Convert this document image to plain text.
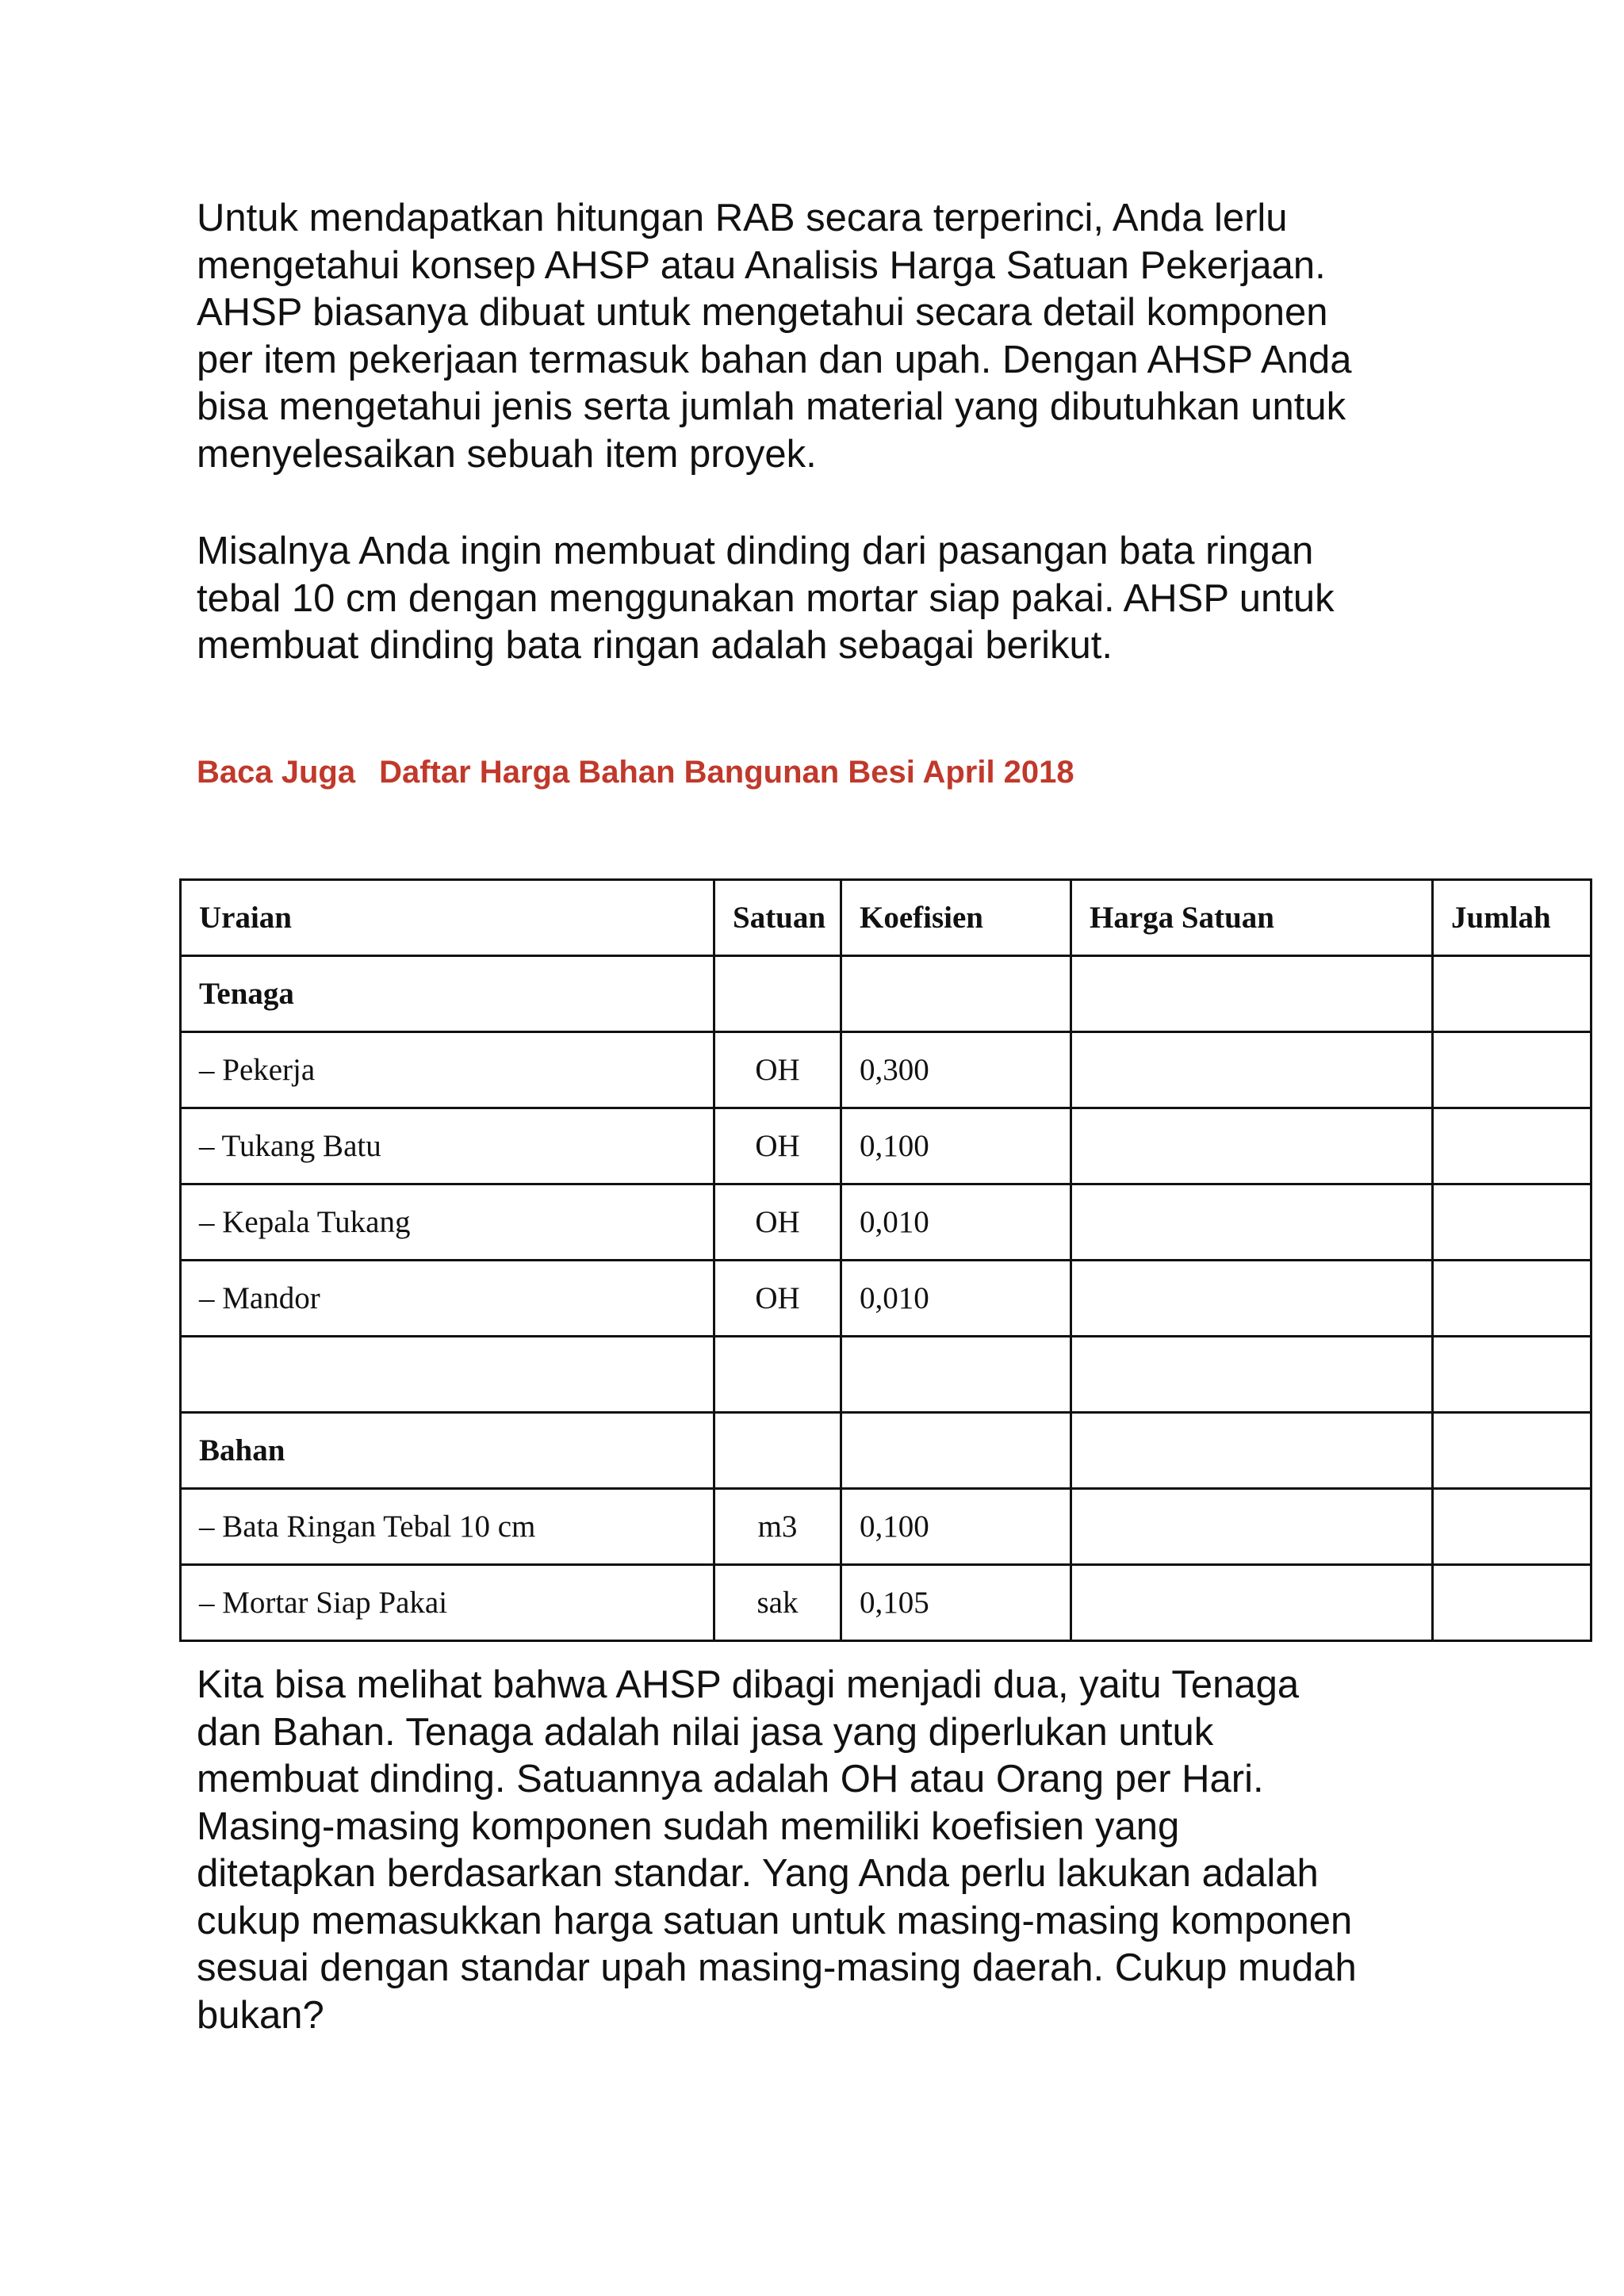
Untuk mendapatkan hitungan RAB secara terperinci, Anda lerlu
mengetahui konsep AHSP atau Analisis Harga Satuan Pekerjaan.
AHSP biasanya dibuat untuk mengetahui secara detail komponen
per item pekerjaan termasuk bahan dan upah. Dengan AHSP Anda
bisa mengetahui jenis serta jumlah material yang dibutuhkan untuk
menyelesaikan sebuah item proyek.
Misalnya Anda ingin membuat dinding dari pasangan bata ringan
tebal 10 cm dengan menggunakan mortar siap pakai. AHSP untuk
membuat dinding bata ringan adalah sebagai berikut.
Baca Juga Daftar Harga Bahan Bangunan Besi April 2018
Uraian	Satuan	Koefisien	Harga Satuan	Jumlah
Tenaga				
– Pekerja	OH	0,300		
– Tukang Batu	OH	0,100		
– Kepala Tukang	OH	0,010		
– Mandor	OH	0,010		

Bahan				
– Bata Ringan Tebal 10 cm	m3	0,100		
– Mortar Siap Pakai	sak	0,105		
Kita bisa melihat bahwa AHSP dibagi menjadi dua, yaitu Tenaga
dan Bahan. Tenaga adalah nilai jasa yang diperlukan untuk
membuat dinding. Satuannya adalah OH atau Orang per Hari.
Masing-masing komponen sudah memiliki koefisien yang
ditetapkan berdasarkan standar. Yang Anda perlu lakukan adalah
cukup memasukkan harga satuan untuk masing-masing komponen
sesuai dengan standar upah masing-masing daerah. Cukup mudah
bukan?
